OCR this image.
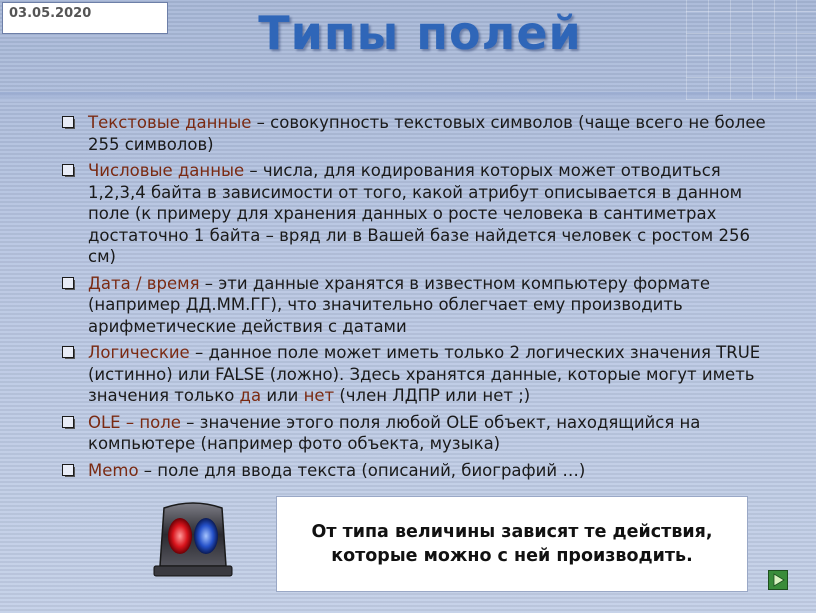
03.05.2020	Типы полей
Текстовые данные – совокупность текстовых символов (чаще всего не более 255 символов)
Числовые данные – числа, для кодирования которых может отводиться 1,2,3,4 байта в зависимости от того, какой атрибут описывается в данном поле (к примеру для хранения данных о росте человека в сантиметрах достаточно 1 байта – вряд ли в Вашей базе найдется человек с ростом 256 см)
Дата / время – эти данные хранятся в известном компьютеру формате (например ДД.ММ.ГГ), что значительно облегчает ему производить арифметические действия с датами
Логические – данное поле может иметь только 2 логических значения TRUE (истинно) или FALSE (ложно). Здесь хранятся данные, которые могут иметь значения только да или нет (член ЛДПР или нет ;)
OLE – поле – значение этого поля любой OLE объект, находящийся на компьютере (например фото объекта, музыка)
Memo – поле для ввода текста (описаний, биографий …)
От типа величины зависят те действия, которые можно с ней производить.
